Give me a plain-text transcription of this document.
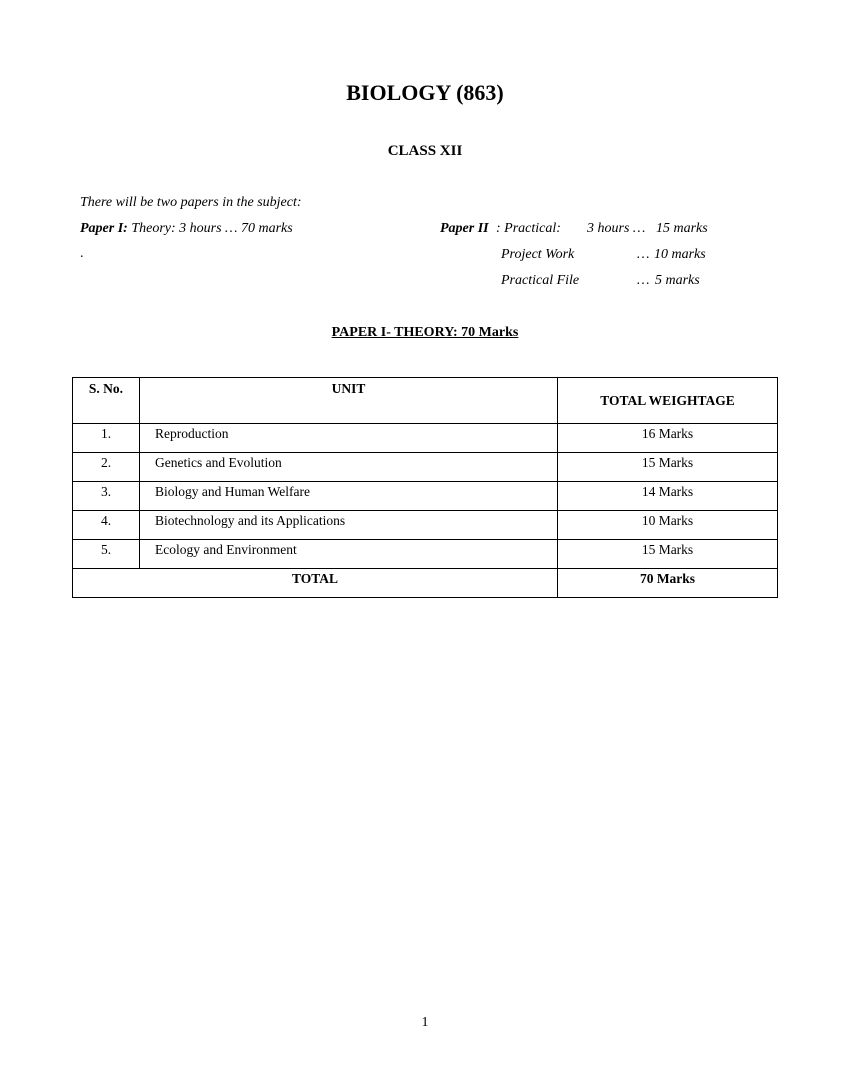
BIOLOGY (863)
CLASS XII
There will be two papers in the subject:
Paper I: Theory: 3 hours … 70 marks
.
Paper II : Practical: 3 hours … 15 marks
Project Work	… 10 marks
Practical File	… 5 marks
PAPER I- THEORY: 70 Marks
S. No.	UNIT	TOTAL WEIGHTAGE
1.	Reproduction	16 Marks
2.	Genetics and Evolution	15 Marks
3.	Biology and Human Welfare	14 Marks
4.	Biotechnology and its Applications	10 Marks
5.	Ecology and Environment	15 Marks
TOTAL		70 Marks
1
